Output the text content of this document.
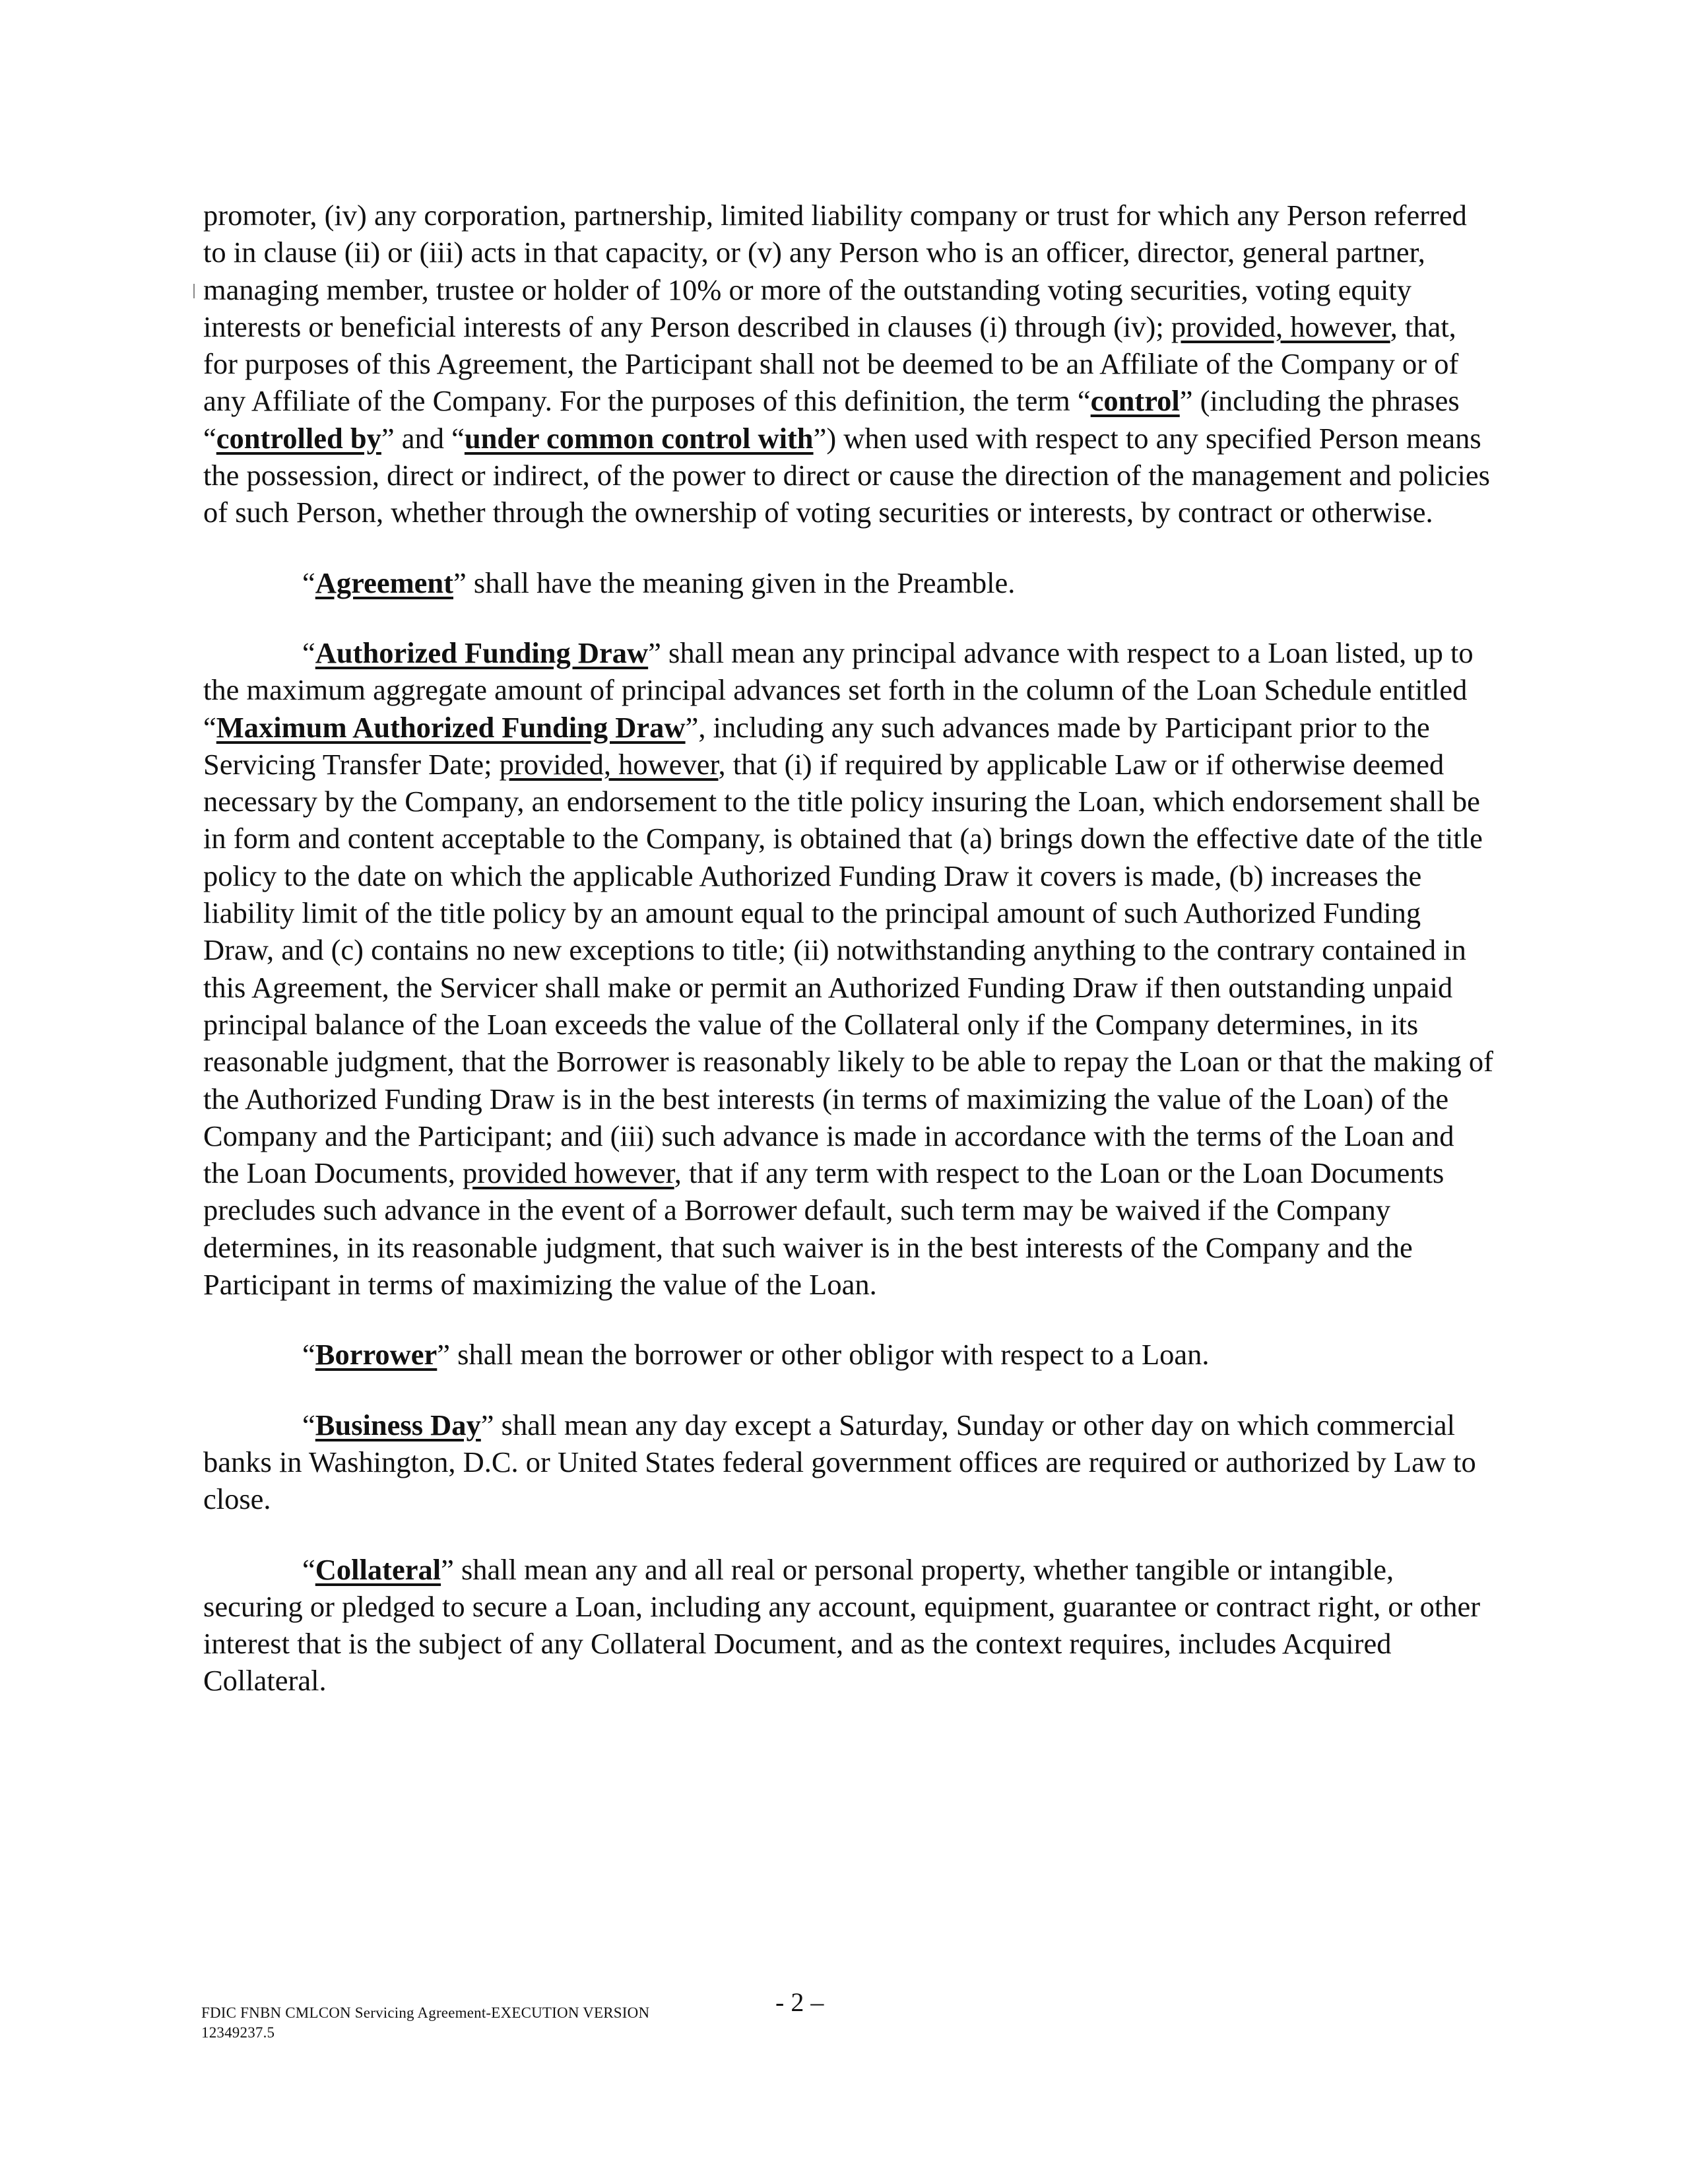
promoter, (iv) any corporation, partnership, limited liability company or trust for which any Person referred to in clause (ii) or (iii) acts in that capacity, or (v) any Person who is an officer, director, general partner, managing member, trustee or holder of 10% or more of the outstanding voting securities, voting equity interests or beneficial interests of any Person described in clauses (i) through (iv); provided, however, that, for purposes of this Agreement, the Participant shall not be deemed to be an Affiliate of the Company or of any Affiliate of the Company. For the purposes of this definition, the term “control” (including the phrases “controlled by” and “under common control with”) when used with respect to any specified Person means the possession, direct or indirect, of the power to direct or cause the direction of the management and policies of such Person, whether through the ownership of voting securities or interests, by contract or otherwise.

“Agreement” shall have the meaning given in the Preamble.

“Authorized Funding Draw” shall mean any principal advance with respect to a Loan listed, up to the maximum aggregate amount of principal advances set forth in the column of the Loan Schedule entitled “Maximum Authorized Funding Draw”, including any such advances made by Participant prior to the Servicing Transfer Date; provided, however, that (i) if required by applicable Law or if otherwise deemed necessary by the Company, an endorsement to the title policy insuring the Loan, which endorsement shall be in form and content acceptable to the Company, is obtained that (a) brings down the effective date of the title policy to the date on which the applicable Authorized Funding Draw it covers is made, (b) increases the liability limit of the title policy by an amount equal to the principal amount of such Authorized Funding Draw, and (c) contains no new exceptions to title; (ii) notwithstanding anything to the contrary contained in this Agreement, the Servicer shall make or permit an Authorized Funding Draw if then outstanding unpaid principal balance of the Loan exceeds the value of the Collateral only if the Company determines, in its reasonable judgment, that the Borrower is reasonably likely to be able to repay the Loan or that the making of the Authorized Funding Draw is in the best interests (in terms of maximizing the value of the Loan) of the Company and the Participant; and (iii) such advance is made in accordance with the terms of the Loan and the Loan Documents, provided however, that if any term with respect to the Loan or the Loan Documents precludes such advance in the event of a Borrower default, such term may be waived if the Company determines, in its reasonable judgment, that such waiver is in the best interests of the Company and the Participant in terms of maximizing the value of the Loan.

“Borrower” shall mean the borrower or other obligor with respect to a Loan.

“Business Day” shall mean any day except a Saturday, Sunday or other day on which commercial banks in Washington, D.C. or United States federal government offices are required or authorized by Law to close.

“Collateral” shall mean any and all real or personal property, whether tangible or intangible, securing or pledged to secure a Loan, including any account, equipment, guarantee or contract right, or other interest that is the subject of any Collateral Document, and as the context requires, includes Acquired Collateral.

- 2 –
FDIC FNBN CMLCON Servicing Agreement-EXECUTION VERSION
12349237.5
